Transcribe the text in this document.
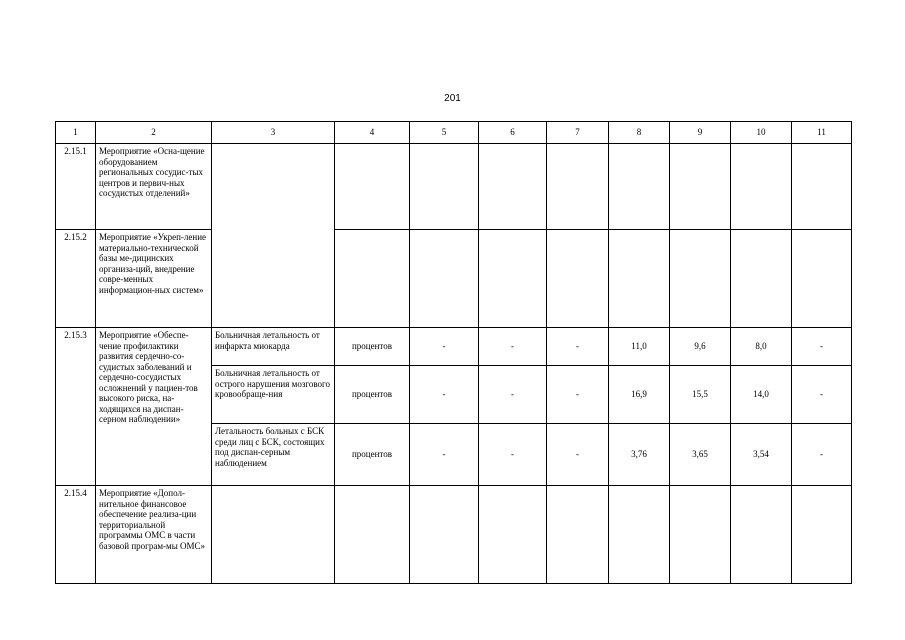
201
1	2	3	4	5	6	7	8	9	10	11
2.15.1	Мероприятие «Осна-щение оборудованием региональных сосудис-тых центров и первич-ных сосудистых отделений»									
2.15.2	Мероприятие «Укреп-ление материально-технической базы ме-дицинских организа-ций, внедрение совре-менных информацион-ных систем»									
2.15.3	Мероприятие «Обеспе-чение профилактики развития сердечно-со-судистых заболеваний и сердечно-сосудистых осложнений у пациен-тов высокого риска, на-ходящихся на диспан-серном наблюдении»	Больничная летальность от инфаркта миокарда	процентов	-	-	-	11,0	9,6	8,0	-
		Больничная летальность от острого нарушения мозгового кровообраще-ния	процентов	-	-	-	16,9	15,5	14,0	-
		Летальность больных с БСК среди лиц с БСК, состоящих под диспан-серным наблюдением	процентов	-	-	-	3,76	3,65	3,54	-
2.15.4	Мероприятие «Допол-нительное финансовое обеспечение реализа-ции территориальной программы ОМС в части базовой програм-мы ОМС»									
